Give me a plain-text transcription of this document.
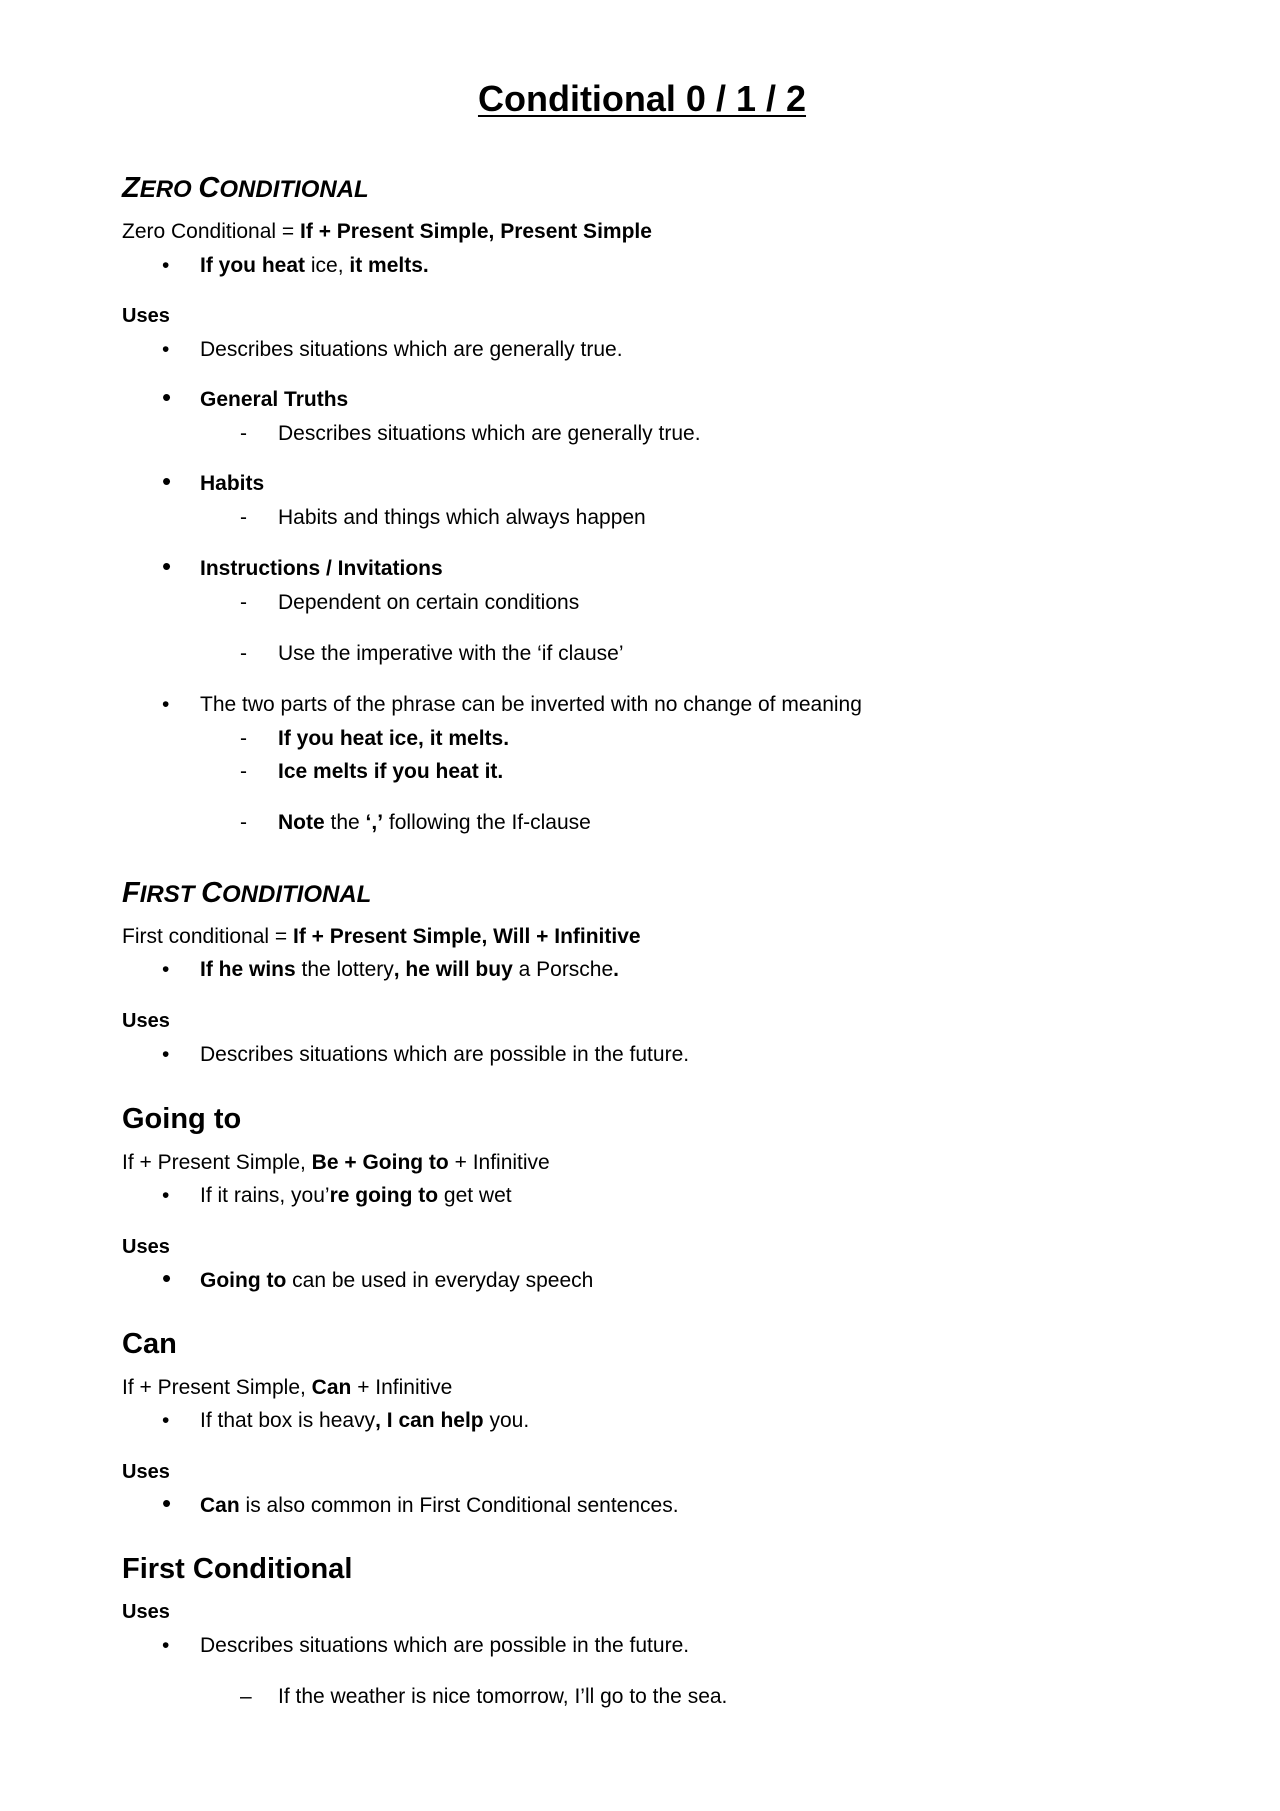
Conditional 0 / 1 / 2
ZERO CONDITIONAL
Zero Conditional = If + Present Simple, Present Simple
•	If you heat ice, it melts.
Uses
•	Describes situations which are generally true.
•	General Truths
-	Describes situations which are generally true.
•	Habits
-	Habits and things which always happen
•	Instructions / Invitations
-	Dependent on certain conditions
-	Use the imperative with the ‘if clause’
•	The two parts of the phrase can be inverted with no change of meaning
-	If you heat ice, it melts.
-	Ice melts if you heat it.
-	Note the ‘,’ following the If-clause
FIRST CONDITIONAL
First conditional = If + Present Simple, Will + Infinitive
•	If he wins the lottery, he will buy a Porsche.
Uses
•	Describes situations which are possible in the future.
Going to
If + Present Simple, Be + Going to + Infinitive
•	If it rains, you’re going to get wet
Uses
•	Going to can be used in everyday speech
Can
If + Present Simple, Can + Infinitive
•	If that box is heavy, I can help you.
Uses
•	Can is also common in First Conditional sentences.
First Conditional
Uses
•	Describes situations which are possible in the future.
–	If the weather is nice tomorrow, I’ll go to the sea.
